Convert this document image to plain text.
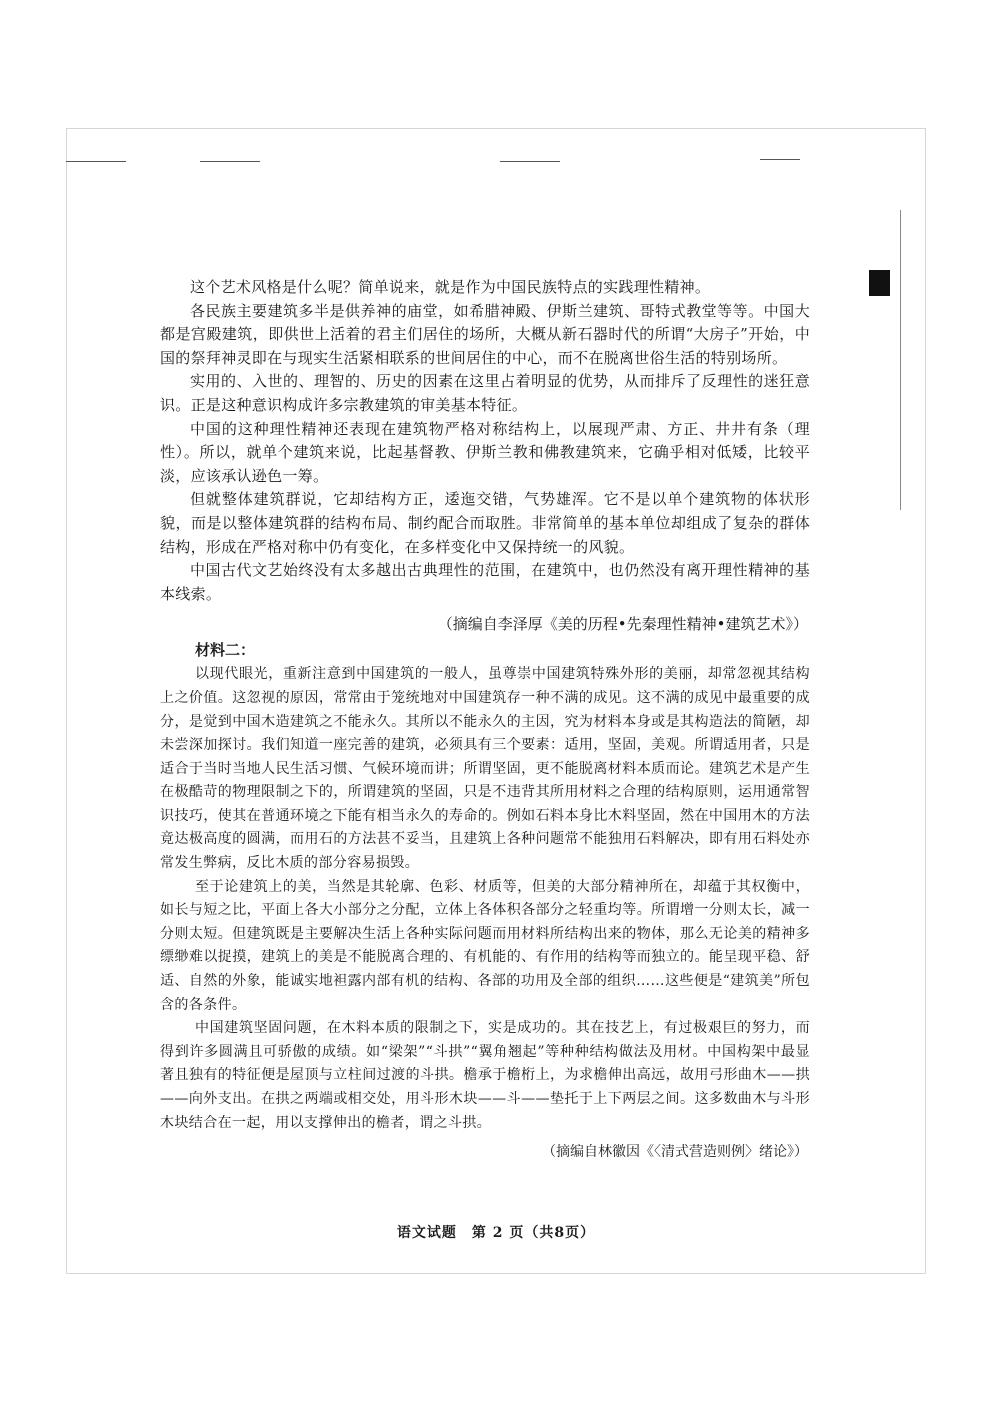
这个艺术风格是什么呢？简单说来，就是作为中国民族特点的实践理性精神。

各民族主要建筑多半是供养神的庙堂，如希腊神殿、伊斯兰建筑、哥特式教堂等等。中国大都是宫殿建筑，即供世上活着的君主们居住的场所，大概从新石器时代的所谓“大房子”开始，中国的祭拜神灵即在与现实生活紧相联系的世间居住的中心，而不在脱离世俗生活的特别场所。

实用的、入世的、理智的、历史的因素在这里占着明显的优势，从而排斥了反理性的迷狂意识。正是这种意识构成许多宗教建筑的审美基本特征。

中国的这种理性精神还表现在建筑物严格对称结构上，以展现严肃、方正、井井有条（理性）。所以，就单个建筑来说，比起基督教、伊斯兰教和佛教建筑来，它确乎相对低矮，比较平淡，应该承认逊色一筹。

但就整体建筑群说，它却结构方正，逶迤交错，气势雄浑。它不是以单个建筑物的体状形貌，而是以整体建筑群的结构布局、制约配合而取胜。非常简单的基本单位却组成了复杂的群体结构，形成在严格对称中仍有变化，在多样变化中又保持统一的风貌。

中国古代文艺始终没有太多越出古典理性的范围，在建筑中，也仍然没有离开理性精神的基本线索。

（摘编自李泽厚《美的历程•先秦理性精神•建筑艺术》）
材料二：

以现代眼光，重新注意到中国建筑的一般人，虽尊崇中国建筑特殊外形的美丽，却常忽视其结构上之价值。这忽视的原因，常常由于笼统地对中国建筑存一种不满的成见。这不满的成见中最重要的成分，是觉到中国木造建筑之不能永久。其所以不能永久的主因，究为材料本身或是其构造法的简陋，却未尝深加探讨。我们知道一座完善的建筑，必须具有三个要素：适用，坚固，美观。所谓适用者，只是适合于当时当地人民生活习惯、气候环境而讲；所谓坚固，更不能脱离材料本质而论。建筑艺术是产生在极酷苛的物理限制之下的，所谓建筑的坚固，只是不违背其所用材料之合理的结构原则，运用通常智识技巧，使其在普通环境之下能有相当永久的寿命的。例如石料本身比木料坚固，然在中国用木的方法竟达极高度的圆满，而用石的方法甚不妥当，且建筑上各种问题常不能独用石料解决，即有用石料处亦常发生弊病，反比木质的部分容易损毁。

至于论建筑上的美，当然是其轮廓、色彩、材质等，但美的大部分精神所在，却蕴于其权衡中，如长与短之比，平面上各大小部分之分配，立体上各体积各部分之轻重均等。所谓增一分则太长，减一分则太短。但建筑既是主要解决生活上各种实际问题而用材料所结构出来的物体，那么无论美的精神多缥缈难以捉摸，建筑上的美是不能脱离合理的、有机能的、有作用的结构等而独立的。能呈现平稳、舒适、自然的外象，能诚实地袒露内部有机的结构、各部的功用及全部的组织……这些便是“建筑美”所包含的各条件。

中国建筑坚固问题，在木料本质的限制之下，实是成功的。其在技艺上，有过极艰巨的努力，而得到许多圆满且可骄傲的成绩。如“梁架”“斗拱”“翼角翘起”等种种结构做法及用材。中国构架中最显著且独有的特征便是屋顶与立柱间过渡的斗拱。檐承于檐桁上，为求檐伸出高远，故用弓形曲木——拱——向外支出。在拱之两端或相交处，用斗形木块——斗——垫托于上下两层之间。这多数曲木与斗形木块结合在一起，用以支撑伸出的檐者，谓之斗拱。

（摘编自林徽因《〈清式营造则例〉绪论》）
语文试题　第 2 页（共8页）
